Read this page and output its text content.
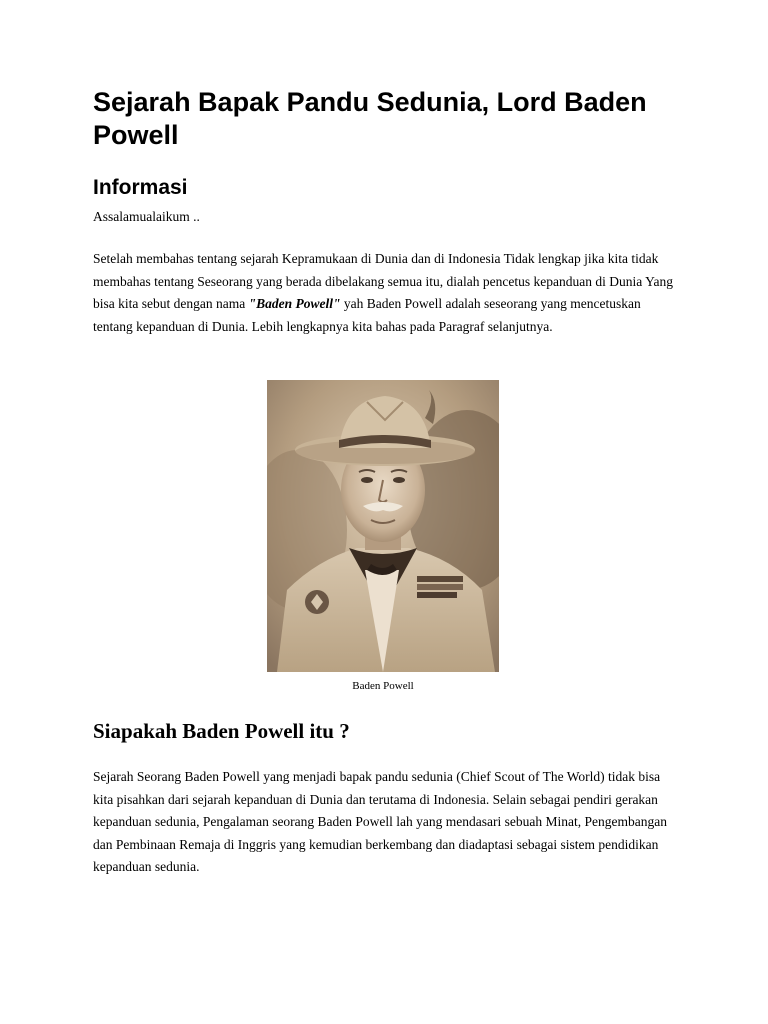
Sejarah Bapak Pandu Sedunia, Lord Baden Powell
Informasi

Assalamualaikum ..

Setelah membahas tentang sejarah Kepramukaan di Dunia dan di Indonesia Tidak lengkap jika kita tidak membahas tentang Seseorang yang berada dibelakang semua itu, dialah pencetus kepanduan di Dunia Yang bisa kita sebut dengan nama "Baden Powell" yah Baden Powell adalah seseorang yang mencetuskan tentang kepanduan di Dunia. Lebih lengkapnya kita bahas pada Paragraf selanjutnya.

Baden Powell

Siapakah Baden Powell itu ?

Sejarah Seorang Baden Powell yang menjadi bapak pandu sedunia (Chief Scout of The World) tidak bisa kita pisahkan dari sejarah kepanduan di Dunia dan terutama di Indonesia. Selain sebagai pendiri gerakan kepanduan sedunia, Pengalaman seorang Baden Powell lah yang mendasari sebuah Minat, Pengembangan dan Pembinaan Remaja di Inggris yang kemudian berkembang dan diadaptasi sebagai sistem pendidikan kepanduan sedunia.
